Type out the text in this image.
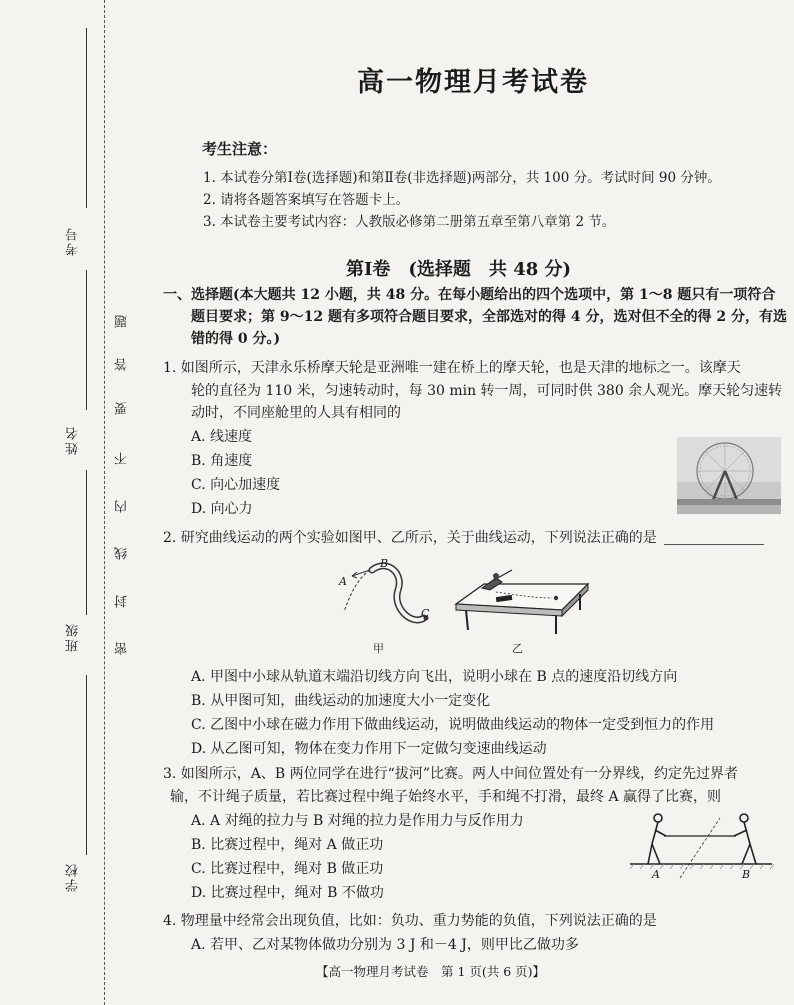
考号
姓名
班级
学校
题
答
要
不
内
线
封
密
高一物理月考试卷
考生注意：
1. 本试卷分第Ⅰ卷(选择题)和第Ⅱ卷(非选择题)两部分，共 100 分。考试时间 90 分钟。
2. 请将各题答案填写在答题卡上。
3. 本试卷主要考试内容：人教版必修第二册第五章至第八章第 2 节。
第Ⅰ卷　(选择题　共 48 分)
一、选择题(本大题共 12 小题，共 48 分。在每小题给出的四个选项中，第 1～8 题只有一项符合
题目要求；第 9～12 题有多项符合题目要求，全部选对的得 4 分，选对但不全的得 2 分，有选
错的得 0 分。)
1. 如图所示，天津永乐桥摩天轮是亚洲唯一建在桥上的摩天轮，也是天津的地标之一。该摩天
轮的直径为 110 米，匀速转动时，每 30 min 转一周，可同时供 380 余人观光。摩天轮匀速转
动时，不同座舱里的人具有相同的
A. 线速度
B. 角速度
C. 向心加速度
D. 向心力
2. 研究曲线运动的两个实验如图甲、乙所示，关于曲线运动，下列说法正确的是
A
B
C
甲	乙
A. 甲图中小球从轨道末端沿切线方向飞出，说明小球在 B 点的速度沿切线方向
B. 从甲图可知，曲线运动的加速度大小一定变化
C. 乙图中小球在磁力作用下做曲线运动，说明做曲线运动的物体一定受到恒力的作用
D. 从乙图可知，物体在变力作用下一定做匀变速曲线运动
3. 如图所示，A、B 两位同学在进行“拔河”比赛。两人中间位置处有一分界线，约定先过界者
输，不计绳子质量，若比赛过程中绳子始终水平，手和绳不打滑，最终 A 赢得了比赛，则
A. A 对绳的拉力与 B 对绳的拉力是作用力与反作用力
B. 比赛过程中，绳对 A 做正功
C. 比赛过程中，绳对 B 做正功
D. 比赛过程中，绳对 B 不做功
A	B
4. 物理量中经常会出现负值，比如：负功、重力势能的负值，下列说法正确的是
A. 若甲、乙对某物体做功分别为 3 J 和－4 J，则甲比乙做功多
【高一物理月考试卷　第 1 页(共 6 页)】
